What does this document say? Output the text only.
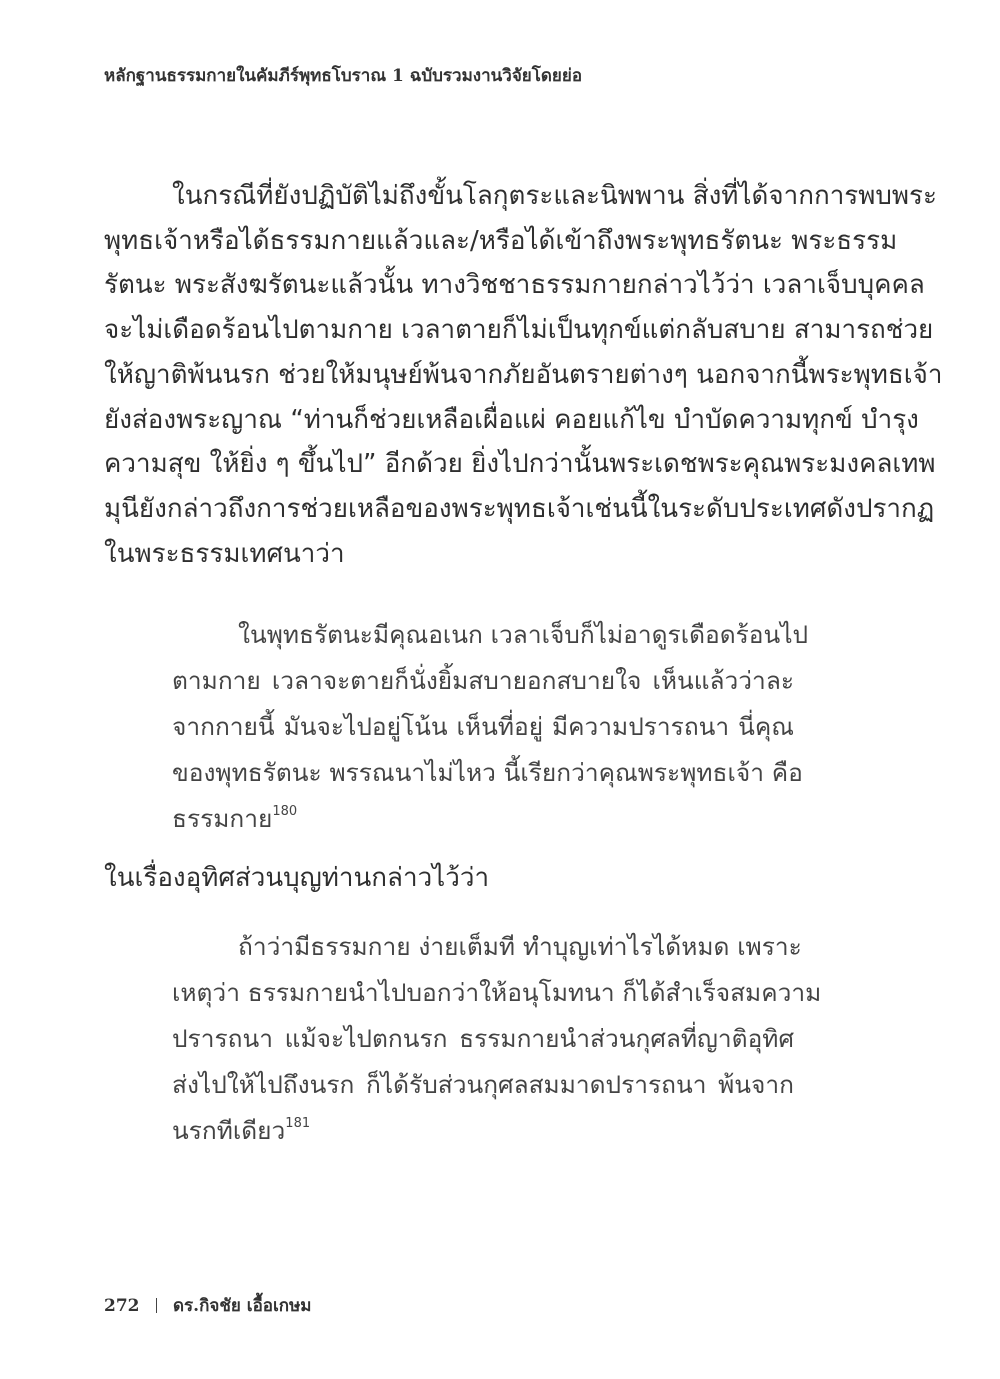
หลักฐานธรรมกายในคัมภีร์พุทธโบราณ 1 ฉบับรวมงานวิจัยโดยย่อ
ในกรณีที่ยังปฏิบัติไม่ถึงขั้นโลกุตระและนิพพาน สิ่งที่ได้จากการพบพระ
พุทธเจ้าหรือได้ธรรมกายแล้วและ/หรือได้เข้าถึงพระพุทธรัตนะ พระธรรม
รัตนะ พระสังฆรัตนะแล้วนั้น ทางวิชชาธรรมกายกล่าวไว้ว่า เวลาเจ็บบุคคล
จะไม่เดือดร้อนไปตามกาย เวลาตายก็ไม่เป็นทุกข์แต่กลับสบาย สามารถช่วย
ให้ญาติพ้นนรก ช่วยให้มนุษย์พ้นจากภัยอันตรายต่างๆ นอกจากนี้พระพุทธเจ้า
ยังส่องพระญาณ “ท่านก็ช่วยเหลือเผื่อแผ่ คอยแก้ไข บำบัดความทุกข์ บำรุง
ความสุข ให้ยิ่ง ๆ ขึ้นไป” อีกด้วย ยิ่งไปกว่านั้นพระเดชพระคุณพระมงคลเทพ
มุนียังกล่าวถึงการช่วยเหลือของพระพุทธเจ้าเช่นนี้ในระดับประเทศดังปรากฏ
ในพระธรรมเทศนาว่า
ในพุทธรัตนะมีคุณอเนก เวลาเจ็บก็ไม่อาดูรเดือดร้อนไป
ตามกาย เวลาจะตายก็นั่งยิ้มสบายอกสบายใจ เห็นแล้วว่าละ
จากกายนี้ มันจะไปอยู่โน้น เห็นที่อยู่ มีความปรารถนา นี่คุณ
ของพุทธรัตนะ พรรณนาไม่ไหว นี้เรียกว่าคุณพระพุทธเจ้า คือ
ธรรมกาย$^{180}$
ในเรื่องอุทิศส่วนบุญท่านกล่าวไว้ว่า
ถ้าว่ามีธรรมกาย ง่ายเต็มที ทำบุญเท่าไรได้หมด เพราะ
เหตุว่า ธรรมกายนำไปบอกว่าให้อนุโมทนา ก็ได้สำเร็จสมความ
ปรารถนา แม้จะไปตกนรก ธรรมกายนำส่วนกุศลที่ญาติอุทิศ
ส่งไปให้ไปถึงนรก ก็ได้รับส่วนกุศลสมมาดปรารถนา พ้นจาก
นรกทีเดียว$^{181}$
272 ดร.กิจชัย เอื้อเกษม
